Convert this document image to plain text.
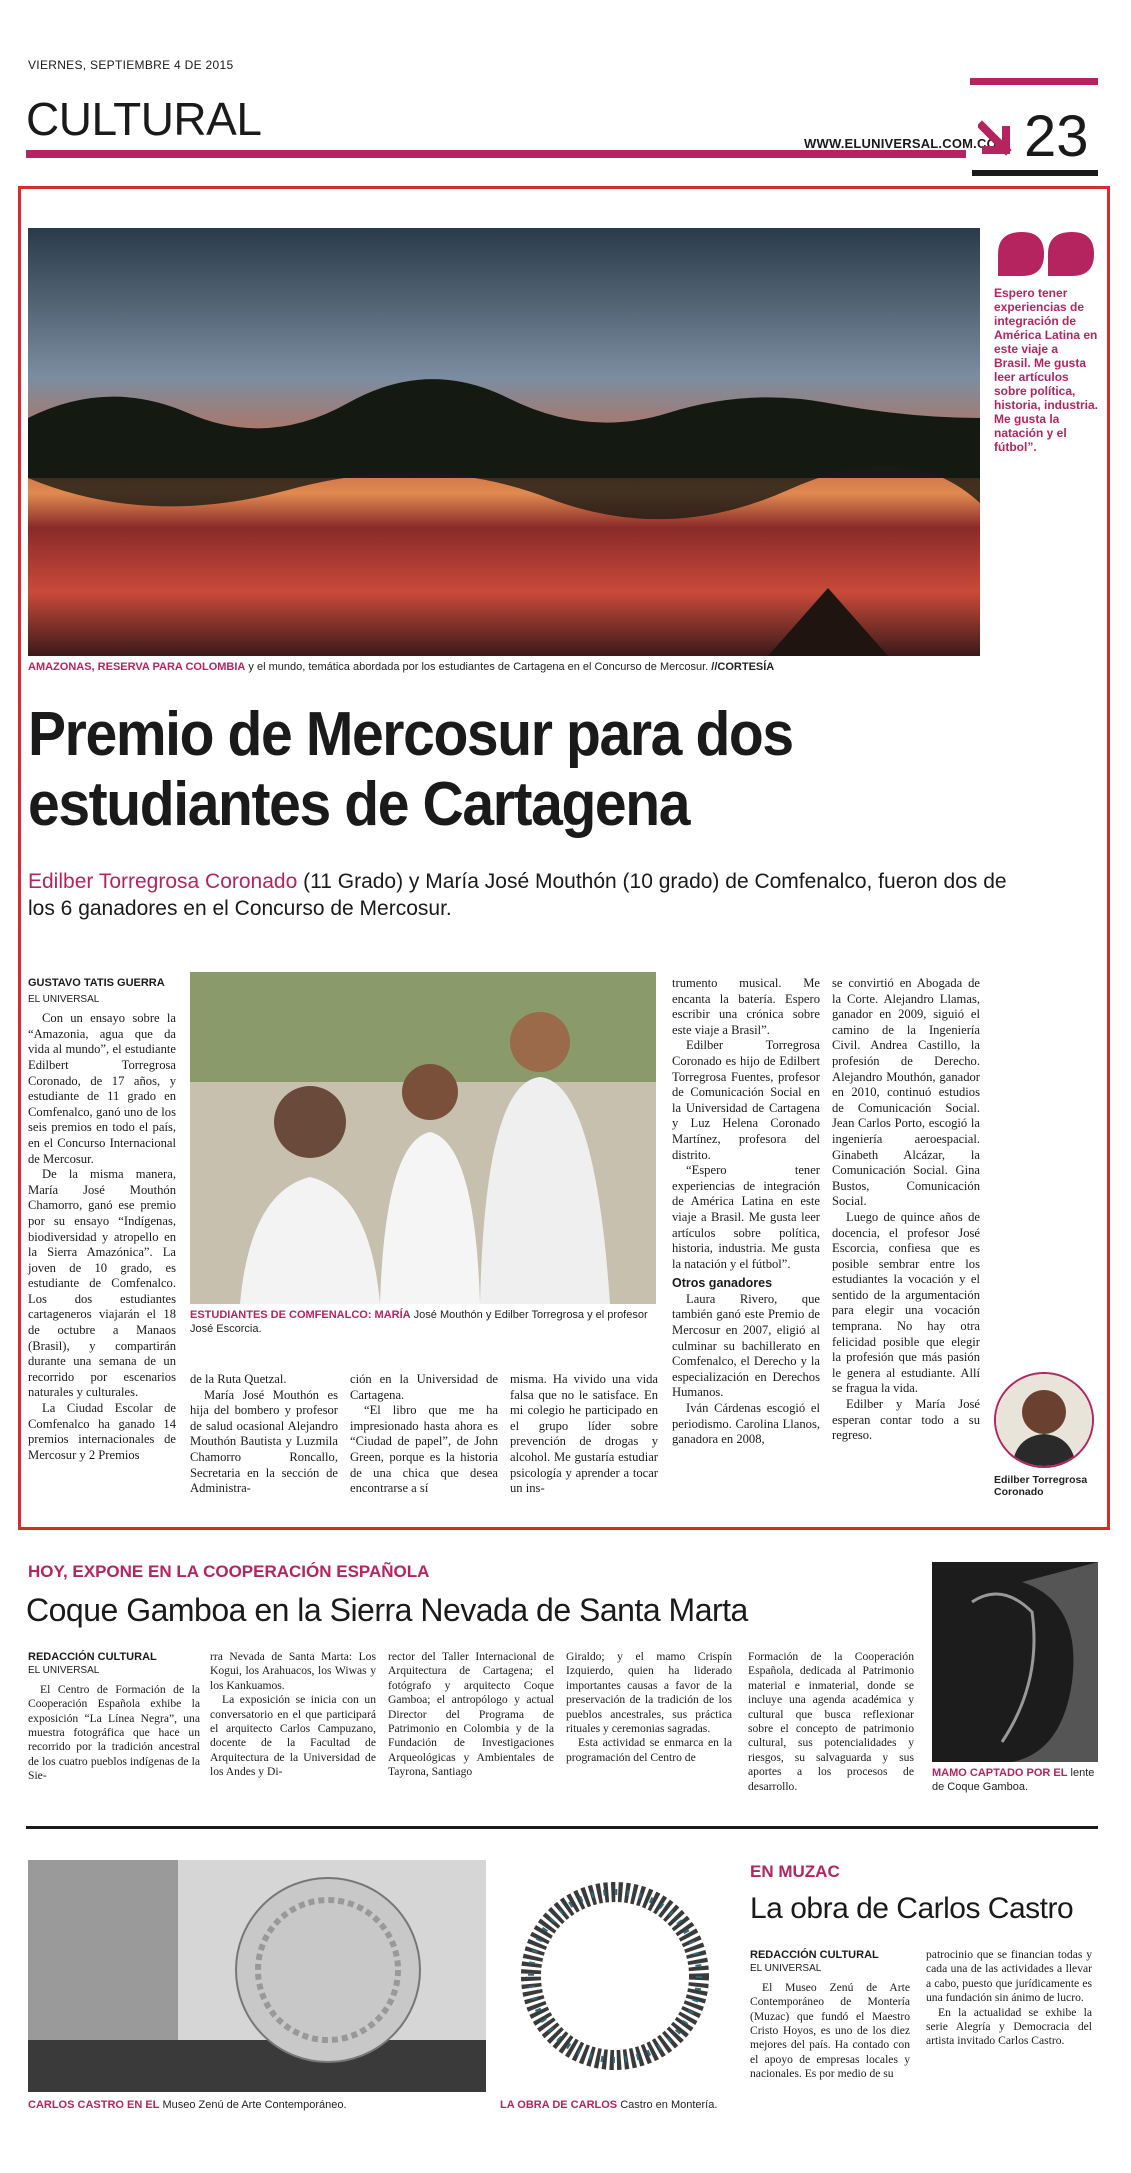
VIERNES, SEPTIEMBRE 4 DE 2015
CULTURAL	WWW.ELUNIVERSAL.COM.CO 23
AMAZONAS, RESERVA PARA COLOMBIA y el mundo, temática abordada por los estudiantes de Cartagena en el Concurso de Mercosur. //CORTESÍA
Espero tener experiencias de integración de América Latina en este viaje a Brasil. Me gusta leer artículos sobre política, historia, industria. Me gusta la natación y el fútbol”.
Premio de Mercosur para dos
estudiantes de Cartagena
Edilber Torregrosa Coronado (11 Grado) y María José Mouthón (10 grado) de Comfenalco, fueron dos de los 6 ganadores en el Concurso de Mercosur.
GUSTAVO TATIS GUERRA
EL UNIVERSAL

Con un ensayo sobre la “Amazonia, agua que da vida al mundo”, el estudiante Edilbert Torregrosa Coronado, de 17 años, y estudiante de 11 grado en Comfenalco, ganó uno de los seis premios en todo el país, en el Concurso Internacional de Mercosur.

De la misma manera, María José Mouthón Chamorro, ganó ese premio por su ensayo “Indígenas, biodiversidad y atropello en la Sierra Amazónica”. La joven de 10 grado, es estudiante de Comfenalco. Los dos estudiantes cartageneros viajarán el 18 de octubre a Manaos (Brasil), y compartirán durante una semana de un recorrido por escenarios naturales y culturales.

La Ciudad Escolar de Comfenalco ha ganado 14 premios internacionales de Mercosur y 2 Premios

ESTUDIANTES DE COMFENALCO: MARÍA José Mouthón y Edilber Torregrosa y el profesor José Escorcia.

de la Ruta Quetzal.

María José Mouthón es hija del bombero y profesor de salud ocasional Alejandro Mouthón Bautista y Luzmila Chamorro Roncallo, Secretaria en la sección de Administra-

ción en la Universidad de Cartagena.

“El libro que me ha impresionado hasta ahora es “Ciudad de papel”, de John Green, porque es la historia de una chica que desea encontrarse a sí

misma. Ha vivido una vida falsa que no le satisface. En mi colegio he participado en el grupo líder sobre prevención de drogas y alcohol. Me gustaría estudiar psicología y aprender a tocar un ins-

trumento musical. Me encanta la batería. Espero escribir una crónica sobre este viaje a Brasil”.

Edilber Torregrosa Coronado es hijo de Edilbert Torregrosa Fuentes, profesor de Comunicación Social en la Universidad de Cartagena y Luz Helena Coronado Martínez, profesora del distrito.

“Espero tener experiencias de integración de América Latina en este viaje a Brasil. Me gusta leer artículos sobre política, historia, industria. Me gusta la natación y el fútbol”.

Otros ganadores

Laura Rivero, que también ganó este Premio de Mercosur en 2007, eligió al culminar su bachillerato en Comfenalco, el Derecho y la especialización en Derechos Humanos.

Iván Cárdenas escogió el periodismo. Carolina Llanos, ganadora en 2008,

se convirtió en Abogada de la Corte. Alejandro Llamas, ganador en 2009, siguió el camino de la Ingeniería Civil. Andrea Castillo, la profesión de Derecho. Alejandro Mouthón, ganador en 2010, continuó estudios de Comunicación Social. Jean Carlos Porto, escogió la ingeniería aeroespacial. Ginabeth Alcázar, la Comunicación Social. Gina Bustos, Comunicación Social.

Luego de quince años de docencia, el profesor José Escorcia, confiesa que es posible sembrar entre los estudiantes la vocación y el sentido de la argumentación para elegir una vocación temprana. No hay otra felicidad posible que elegir la profesión que más pasión le genera al estudiante. Allí se fragua la vida.

Edilber y María José esperan contar todo a su regreso.

Edilber Torregrosa Coronado
HOY, EXPONE EN LA COOPERACIÓN ESPAÑOLA
Coque Gamboa en la Sierra Nevada de Santa Marta
REDACCIÓN CULTURAL
EL UNIVERSAL

El Centro de Formación de la Cooperación Española exhibe la exposición “La Línea Negra”, una muestra fotográfica que hace un recorrido por la tradición ancestral de los cuatro pueblos indígenas de la Sie-

rra Nevada de Santa Marta: Los Kogui, los Arahuacos, los Wiwas y los Kankuamos.

La exposición se inicia con un conversatorio en el que participará el arquitecto Carlos Campuzano, docente de la Facultad de Arquitectura de la Universidad de los Andes y Di-

rector del Taller Internacional de Arquitectura de Cartagena; el fotógrafo y arquitecto Coque Gamboa; el antropólogo y actual Director del Programa de Patrimonio en Colombia y de la Fundación de Investigaciones Arqueológicas y Ambientales de Tayrona, Santiago

Giraldo; y el mamo Crispín Izquierdo, quien ha liderado importantes causas a favor de la preservación de la tradición de los pueblos ancestrales, sus práctica rituales y ceremonias sagradas.

Esta actividad se enmarca en la programación del Centro de

Formación de la Cooperación Española, dedicada al Patrimonio material e inmaterial, donde se incluye una agenda académica y cultural que busca reflexionar sobre el concepto de patrimonio cultural, sus potencialidades y riesgos, su salvaguarda y sus aportes a los procesos de desarrollo.

MAMO CAPTADO POR EL lente de Coque Gamboa.
CARLOS CASTRO EN EL Museo Zenú de Arte Contemporáneo.	LA OBRA DE CARLOS Castro en Montería.
EN MUZAC
La obra de Carlos Castro
REDACCIÓN CULTURAL
EL UNIVERSAL

El Museo Zenú de Arte Contemporáneo de Montería (Muzac) que fundó el Maestro Cristo Hoyos, es uno de los diez mejores del país. Ha contado con el apoyo de empresas locales y nacionales. Es por medio de su

patrocinio que se financian todas y cada una de las actividades a llevar a cabo, puesto que jurídicamente es una fundación sin ánimo de lucro.

En la actualidad se exhibe la serie Alegría y Democracia del artista invitado Carlos Castro.
